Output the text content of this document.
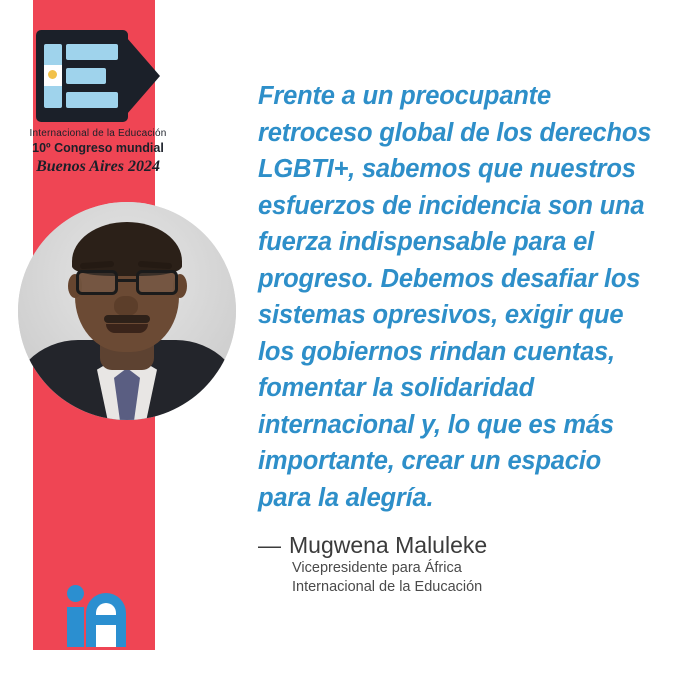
Internacional de la Educación
10º Congreso mundial
Buenos Aires 2024
Frente a un preocupante retroceso global de los derechos LGBTI+, sabemos que nuestros esfuerzos de incidencia son una fuerza indispensable para el progreso. Debemos desafiar los sistemas opresivos, exigir que los gobiernos rindan cuentas, fomentar la solidaridad internacional y, lo que es más importante, crear un espacio para la alegría.
— Mugwena Maluleke
Vicepresidente para África
Internacional de la Educación
